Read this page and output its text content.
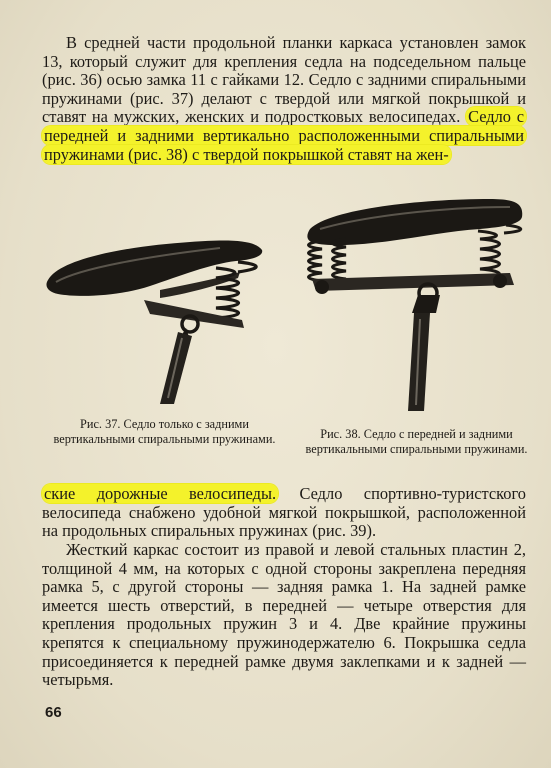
В средней части продольной планки каркаса установлен замок 13, который служит для крепления седла на подседельном пальце (рис. 36) осью замка 11 с гайками 12. Седло с задними спиральными пружинами (рис. 37) делают с твердой или мягкой покрышкой и ставят на мужских, женских и подростковых велосипедах. Седло с передней и задними вертикально расположенными спиральными пружинами (рис. 38) с твердой покрышкой ставят на жен-

Рис. 37. Седло только с задними вертикальными спиральными пружинами.	Рис. 38. Седло с передней и задними вертикальными спиральными пружинами.

ские дорожные велосипеды. Седло спортивно-туристского велосипеда снабжено удобной мягкой покрышкой, расположенной на продольных спиральных пружинах (рис. 39).

Жесткий каркас состоит из правой и левой стальных пластин 2, толщиной 4 мм, на которых с одной стороны закреплена передняя рамка 5, с другой стороны — задняя рамка 1. На задней рамке имеется шесть отверстий, в передней — четыре отверстия для крепления продольных пружин 3 и 4. Две крайние пружины крепятся к специальному пружинодержателю 6. Покрышка седла присоединяется к передней рамке двумя заклепками и к задней — четырьмя.

66
